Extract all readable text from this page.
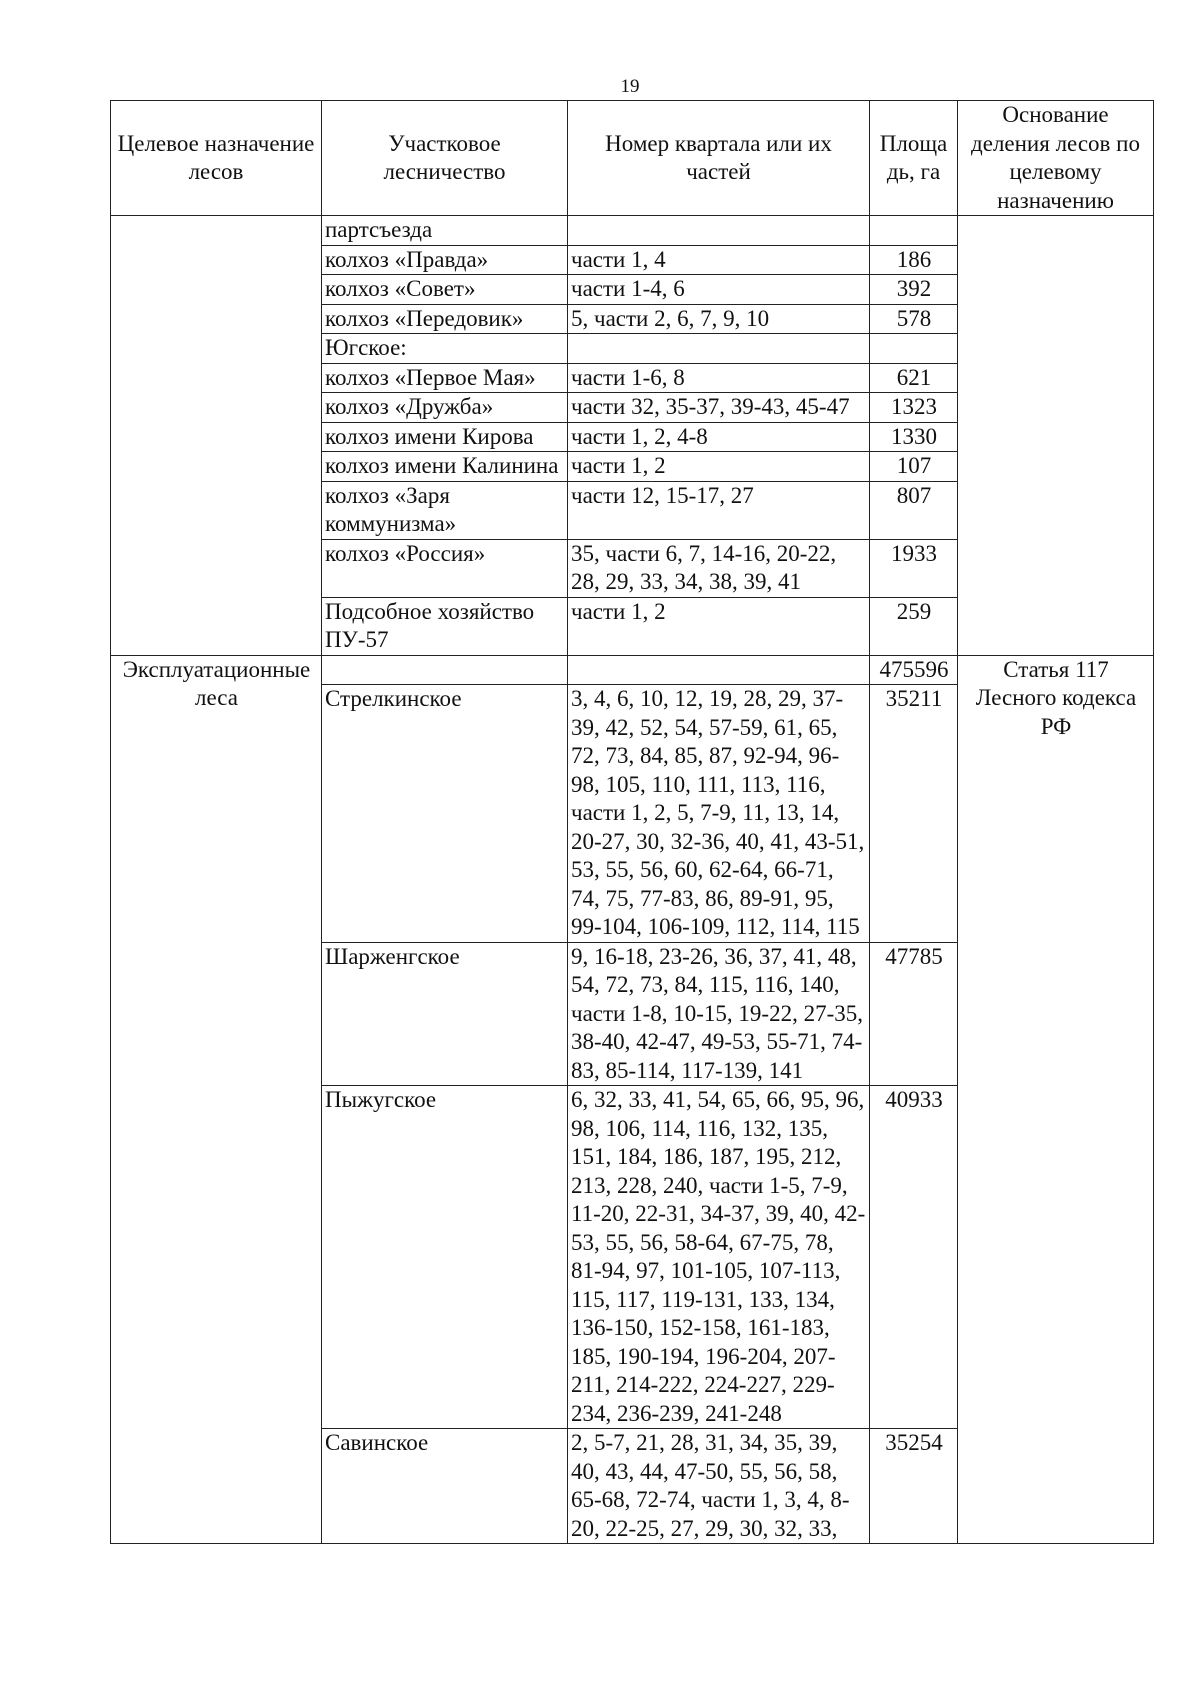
19
Целевое назначение лесов	Участковое лесничество	Номер квартала или их частей	Площадь, га	Основание деления лесов по целевому назначению
	партсъезда			
	колхоз «Правда»	части 1, 4	186	
	колхоз «Совет»	части 1-4, 6	392	
	колхоз «Передовик»	5, части 2, 6, 7, 9, 10	578	
	Югское:			
	колхоз «Первое Мая»	части 1-6, 8	621	
	колхоз «Дружба»	части 32, 35-37, 39-43, 45-47	1323	
	колхоз имени Кирова	части 1, 2, 4-8	1330	
	колхоз имени Калинина	части 1, 2	107	
	колхоз «Заря коммунизма»	части 12, 15-17, 27	807	
	колхоз «Россия»	35, части 6, 7, 14-16, 20-22, 28, 29, 33, 34, 38, 39, 41	1933	
	Подсобное хозяйство ПУ-57	части 1, 2	259	
Эксплуатационные леса			475596	Статья 117 Лесного кодекса РФ
	Стрелкинское	3, 4, 6, 10, 12, 19, 28, 29, 37-39, 42, 52, 54, 57-59, 61, 65, 72, 73, 84, 85, 87, 92-94, 96-98, 105, 110, 111, 113, 116, части 1, 2, 5, 7-9, 11, 13, 14, 20-27, 30, 32-36, 40, 41, 43-51, 53, 55, 56, 60, 62-64, 66-71, 74, 75, 77-83, 86, 89-91, 95, 99-104, 106-109, 112, 114, 115	35211	
	Шарженгское	9, 16-18, 23-26, 36, 37, 41, 48, 54, 72, 73, 84, 115, 116, 140, части 1-8, 10-15, 19-22, 27-35, 38-40, 42-47, 49-53, 55-71, 74-83, 85-114, 117-139, 141	47785	
	Пыжугское	6, 32, 33, 41, 54, 65, 66, 95, 96, 98, 106, 114, 116, 132, 135, 151, 184, 186, 187, 195, 212, 213, 228, 240, части 1-5, 7-9, 11-20, 22-31, 34-37, 39, 40, 42-53, 55, 56, 58-64, 67-75, 78, 81-94, 97, 101-105, 107-113, 115, 117, 119-131, 133, 134, 136-150, 152-158, 161-183, 185, 190-194, 196-204, 207-211, 214-222, 224-227, 229-234, 236-239, 241-248	40933	
	Савинское	2, 5-7, 21, 28, 31, 34, 35, 39, 40, 43, 44, 47-50, 55, 56, 58, 65-68, 72-74, части 1, 3, 4, 8-20, 22-25, 27, 29, 30, 32, 33,	35254	
